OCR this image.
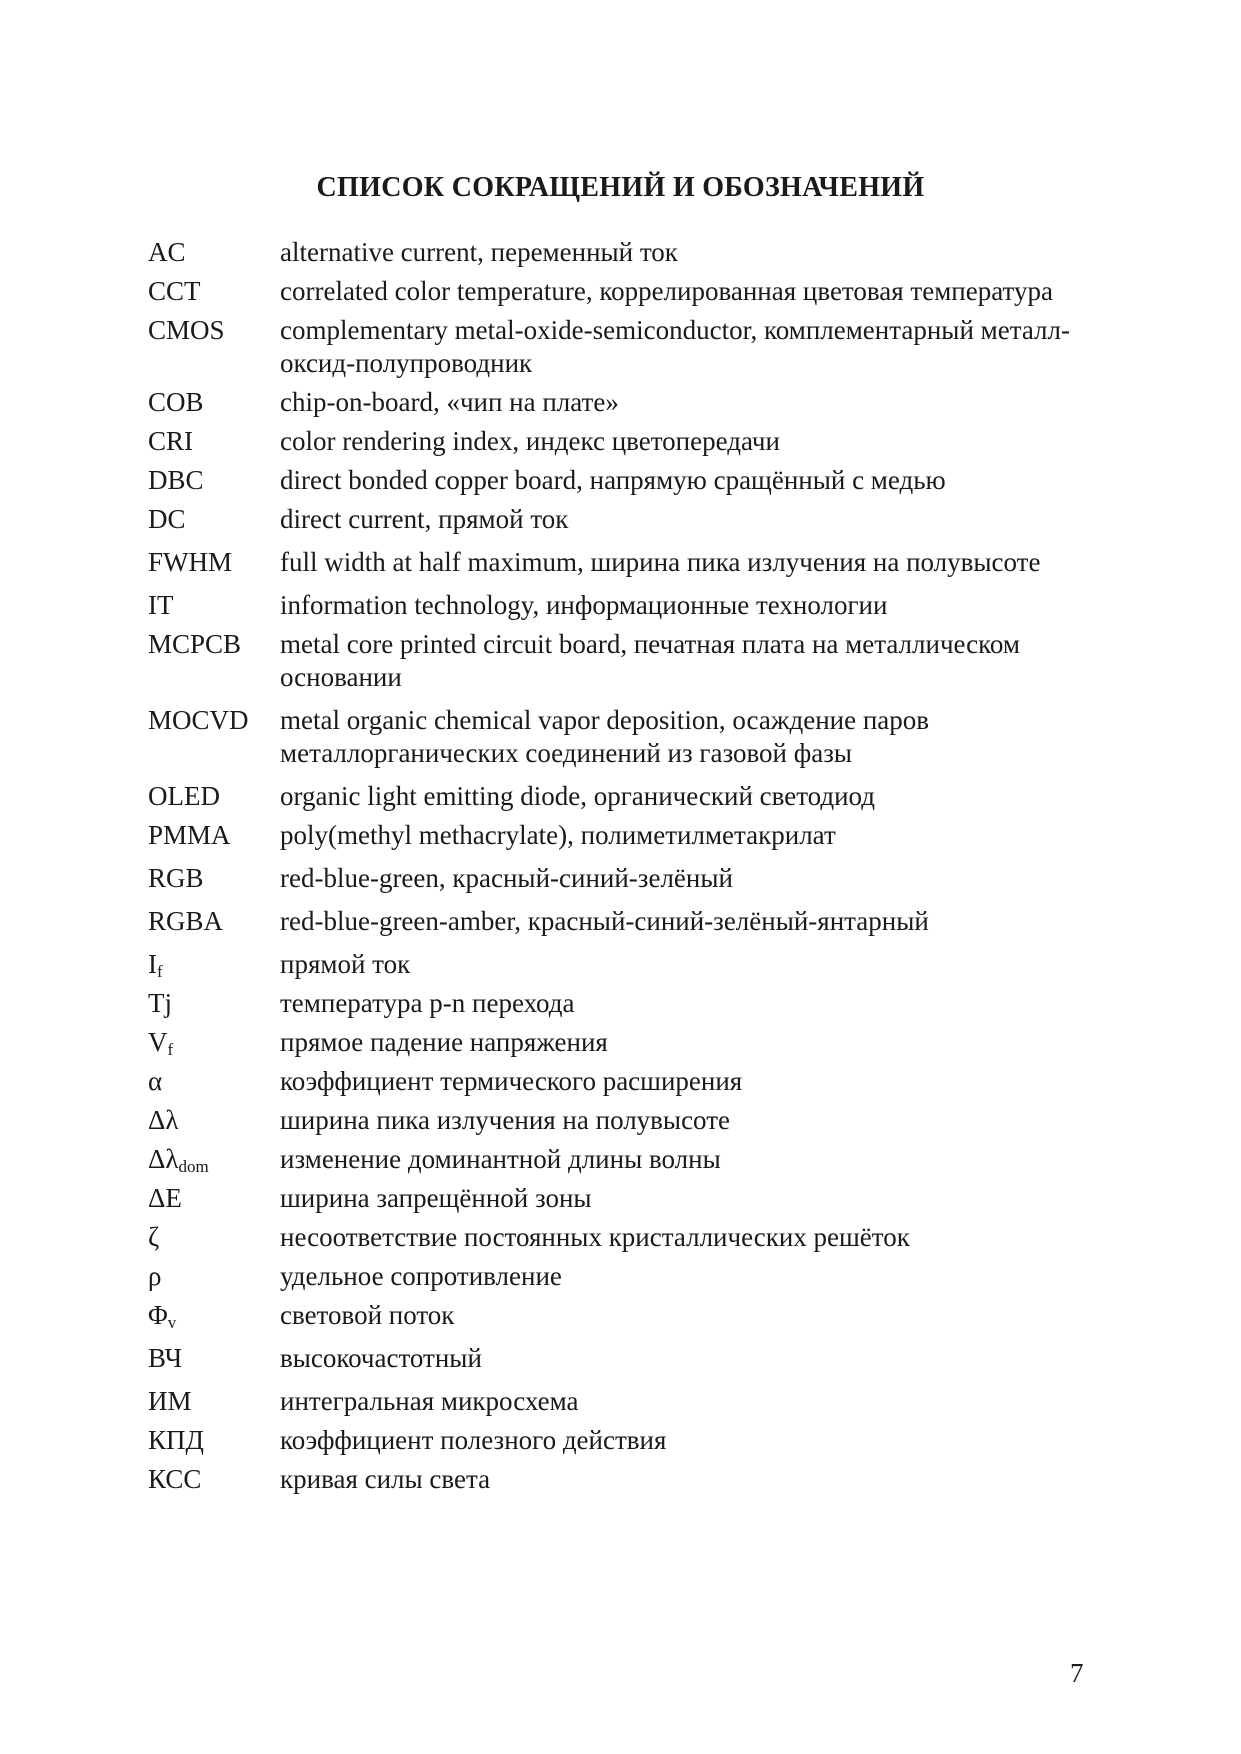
СПИСОК СОКРАЩЕНИЙ И ОБОЗНАЧЕНИЙ
AC	alternative current, переменный ток
CCT	correlated color temperature, коррелированная цветовая температура
CMOS	complementary metal-oxide-semiconductor, комплементарный металл-оксид-полупроводник
COB	chip-on-board, «чип на плате»
CRI	color rendering index, индекс цветопередачи
DBC	direct bonded copper board, напрямую сращённый с медью
DC	direct current, прямой ток
FWHM	full width at half maximum, ширина пика излучения на полувысоте
IT	information technology, информационные технологии
MCPCB	metal core printed circuit board, печатная плата на металлическом основании
MOCVD	metal organic chemical vapor deposition, осаждение паров металлорганических соединений из газовой фазы
OLED	organic light emitting diode, органический светодиод
PMMA	poly(methyl methacrylate), полиметилметакрилат
RGB	red-blue-green, красный-синий-зелёный
RGBA	red-blue-green-amber, красный-синий-зелёный-янтарный
$I_f$	прямой ток
Tj	температура p-n перехода
$V_f$	прямое падение напряжения
α	коэффициент термического расширения
Δλ	ширина пика излучения на полувысоте
$\Delta\lambda_{dom}$	изменение доминантной длины волны
ΔE	ширина запрещённой зоны
ζ	несоответствие постоянных кристаллических решёток
ρ	удельное сопротивление
$\Phi_v$	световой поток
ВЧ	высокочастотный
ИМ	интегральная микросхема
КПД	коэффициент полезного действия
КСС	кривая силы света
7
